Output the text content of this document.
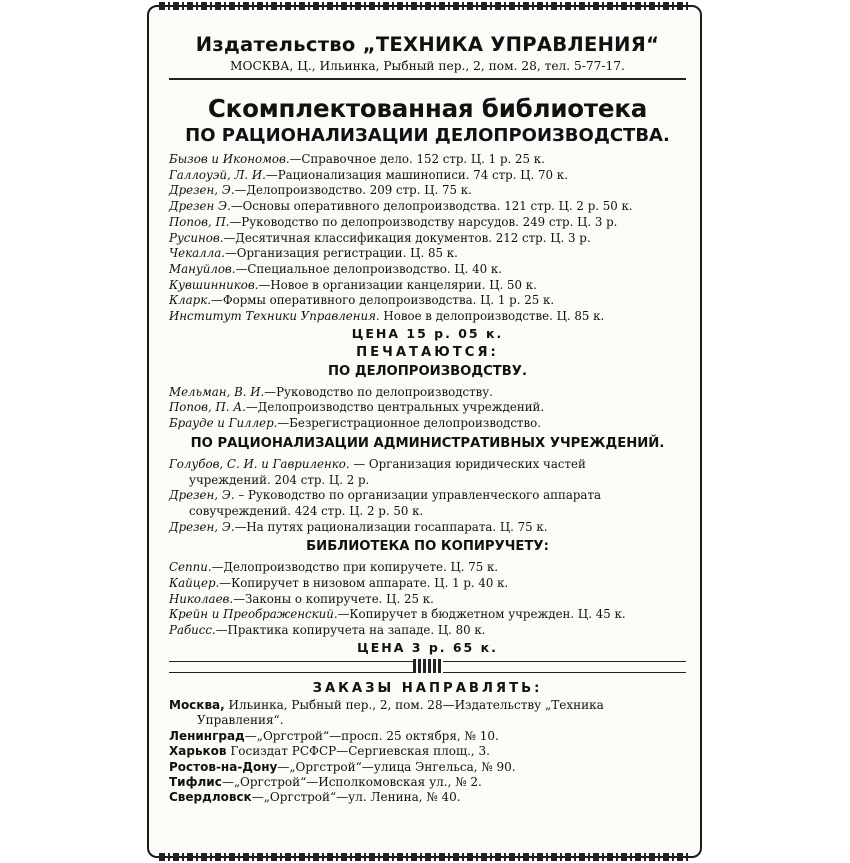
Издательство „ТЕХНИКА УПРАВЛЕНИЯ“
МОСКВА, Ц., Ильинка, Рыбный пер., 2, пом. 28, тел. 5-77-17.
Скомплектованная библиотека
ПО РАЦИОНАЛИЗАЦИИ ДЕЛОПРОИЗВОДСТВА.
Бызов и Икономов.—Справочное дело. 152 стр. Ц. 1 р. 25 к.
Галлоуэй, Л. И.—Рационализация машинописи. 74 стр. Ц. 70 к.
Дрезен, Э.—Делопроизводство. 209 стр. Ц. 75 к.
Дрезен Э.—Основы оперативного делопроизводства. 121 стр. Ц. 2 р. 50 к.
Попов, П.—Руководство по делопроизводству нарсудов. 249 стр. Ц. 3 р.
Русинов.—Десятичная классификация документов. 212 стр. Ц. 3 р.
Чекалла.—Организация регистрации. Ц. 85 к.
Мануйлов.—Специальное делопроизводство. Ц. 40 к.
Кувшинников.—Новое в организации канцелярии. Ц. 50 к.
Кларк.—Формы оперативного делопроизводства. Ц. 1 р. 25 к.
Институт Техники Управления. Новое в делопроизводстве. Ц. 85 к.
ЦЕНА 15 р. 05 к.
ПЕЧАТАЮТСЯ:
ПО ДЕЛОПРОИЗВОДСТВУ.
Мельман, В. И.—Руководство по делопроизводству.
Попов, П. А.—Делопроизводство центральных учреждений.
Брауде и Гиллер.—Безрегистрационное делопроизводство.
ПО РАЦИОНАЛИЗАЦИИ АДМИНИСТРАТИВНЫХ УЧРЕЖДЕНИЙ.
Голубов, С. И. и Гавриленко. — Организация юридических частей
учреждений. 204 стр. Ц. 2 р.
Дрезен, Э. – Руководство по организации управленческого аппарата
совучреждений. 424 стр. Ц. 2 р. 50 к.
Дрезен, Э.—На путях рационализации госаппарата. Ц. 75 к.
БИБЛИОТЕКА ПО КОПИРУЧЕТУ:
Сеппи.—Делопроизводство при копиручете. Ц. 75 к.
Кайцер.—Копиручет в низовом аппарате. Ц. 1 р. 40 к.
Николаев.—Законы о копиручете. Ц. 25 к.
Крейн и Преображенский.—Копиручет в бюджетном учрежден. Ц. 45 к.
Рабисс.—Практика копиручета на западе. Ц. 80 к.
ЦЕНА 3 р. 65 к.
ЗАКАЗЫ НАПРАВЛЯТЬ:
Москва, Ильинка, Рыбный пер., 2, пом. 28—Издательству „Техника
Управления“.
Ленинград—„Оргстрой“—просп. 25 октября, № 10.
Харьков Госиздат РСФСР—Сергиевская площ., 3.
Ростов-на-Дону—„Оргстрой“—улица Энгельса, № 90.
Тифлис—„Оргстрой“—Исполкомовская ул., № 2.
Свердловск—„Оргстрой“—ул. Ленина, № 40.
